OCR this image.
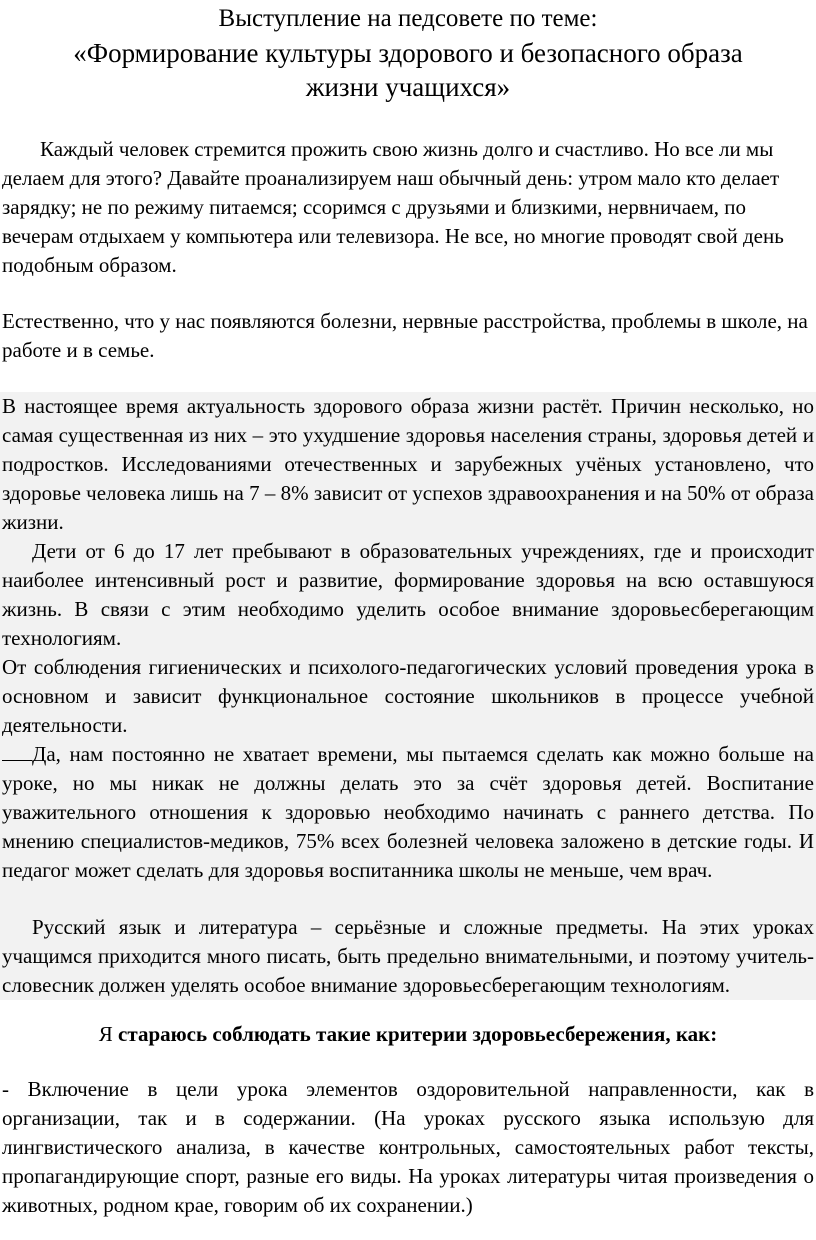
Выступление на педсовете по теме:

«Формирование культуры здорового и безопасного образа

жизни учащихся»

Каждый человек стремится прожить свою жизнь долго и счастливо. Но все ли мы делаем для этого? Давайте проанализируем наш обычный день: утром мало кто делает зарядку; не по режиму питаемся; ссоримся с друзьями и близкими, нервничаем, по вечерам отдыхаем у компьютера или телевизора. Не все, но многие проводят свой день подобным образом.

Естественно, что у нас появляются болезни, нервные расстройства, проблемы в школе, на работе и в семье.

В настоящее время актуальность здорового образа жизни растёт. Причин несколько, но самая существенная из них – это ухудшение здоровья населения страны, здоровья детей и подростков. Исследованиями отечественных и зарубежных учёных установлено, что здоровье человека лишь на 7 – 8% зависит от успехов здравоохранения и на 50% от образа жизни.

Дети от 6 до 17 лет пребывают в образовательных учреждениях, где и происходит наиболее интенсивный рост и развитие, формирование здоровья на всю оставшуюся жизнь. В связи с этим необходимо уделить особое внимание здоровьесберегающим технологиям.

От соблюдения гигиенических и психолого-педагогических условий проведения урока в основном и зависит функциональное состояние школьников в процессе учебной деятельности.

Да, нам постоянно не хватает времени, мы пытаемся сделать как можно больше на уроке, но мы никак не должны делать это за счёт здоровья детей. Воспитание уважительного отношения к здоровью необходимо начинать с раннего детства. По мнению специалистов-медиков, 75% всех болезней человека заложено в детские годы. И педагог может сделать для здоровья воспитанника школы не меньше, чем врач.

Русский язык и литература – серьёзные и сложные предметы. На этих уроках учащимся приходится много писать, быть предельно внимательными, и поэтому учитель-словесник должен уделять особое внимание здоровьесберегающим технологиям.

Я стараюсь соблюдать такие критерии здоровьесбережения, как:

- Включение в цели урока элементов оздоровительной направленности, как в организации, так и в содержании. (На уроках русского языка использую для лингвистического анализа, в качестве контрольных, самостоятельных работ тексты, пропагандирующие спорт, разные его виды. На уроках литературы читая произведения о животных, родном крае, говорим об их сохранении.)
